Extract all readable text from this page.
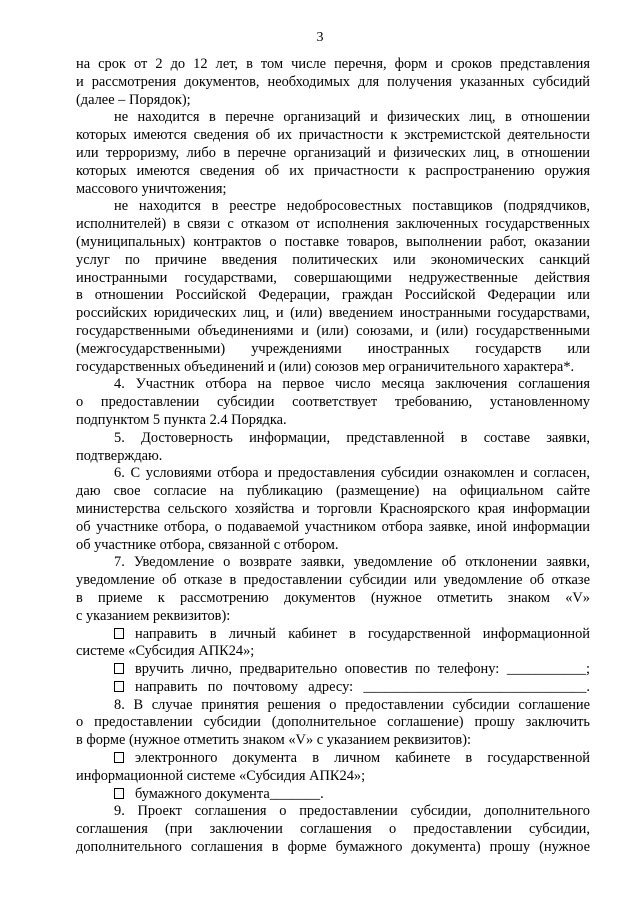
3
на срок от 2 до 12 лет, в том числе перечня, форм и сроков представления
и рассмотрения документов, необходимых для получения указанных субсидий
(далее – Порядок);
не находится в перечне организаций и физических лиц, в отношении
которых имеются сведения об их причастности к экстремистской деятельности
или терроризму, либо в перечне организаций и физических лиц, в отношении
которых имеются сведения об их причастности к распространению оружия
массового уничтожения;
не находится в реестре недобросовестных поставщиков (подрядчиков,
исполнителей) в связи с отказом от исполнения заключенных государственных
(муниципальных) контрактов о поставке товаров, выполнении работ, оказании
услуг по причине введения политических или экономических санкций
иностранными государствами, совершающими недружественные действия
в отношении Российской Федерации, граждан Российской Федерации или
российских юридических лиц, и (или) введением иностранными государствами,
государственными объединениями и (или) союзами, и (или) государственными
(межгосударственными) учреждениями иностранных государств или
государственных объединений и (или) союзов мер ограничительного характера*.
4. Участник отбора на первое число месяца заключения соглашения
о предоставлении субсидии соответствует требованию, установленному
подпунктом 5 пункта 2.4 Порядка.
5. Достоверность информации, представленной в составе заявки,
подтверждаю.
6. С условиями отбора и предоставления субсидии ознакомлен и согласен,
даю свое согласие на публикацию (размещение) на официальном сайте
министерства сельского хозяйства и торговли Красноярского края информации
об участнике отбора, о подаваемой участником отбора заявке, иной информации
об участнике отбора, связанной с отбором.
7. Уведомление о возврате заявки, уведомление об отклонении заявки,
уведомление об отказе в предоставлении субсидии или уведомление об отказе
в приеме к рассмотрению документов (нужное отметить знаком «V»
с указанием реквизитов):
направить в личный кабинет в государственной информационной
системе «Субсидия АПК24»;
вручить лично, предварительно оповестив по телефону: ___________;
направить по почтовому адресу: _______________________________.
8. В случае принятия решения о предоставлении субсидии соглашение
о предоставлении субсидии (дополнительное соглашение) прошу заключить
в форме (нужное отметить знаком «V» с указанием реквизитов):
электронного документа в личном кабинете в государственной
информационной системе «Субсидия АПК24»;
бумажного документа_______.
9. Проект соглашения о предоставлении субсидии, дополнительного
соглашения (при заключении соглашения о предоставлении субсидии,
дополнительного соглашения в форме бумажного документа) прошу (нужное
